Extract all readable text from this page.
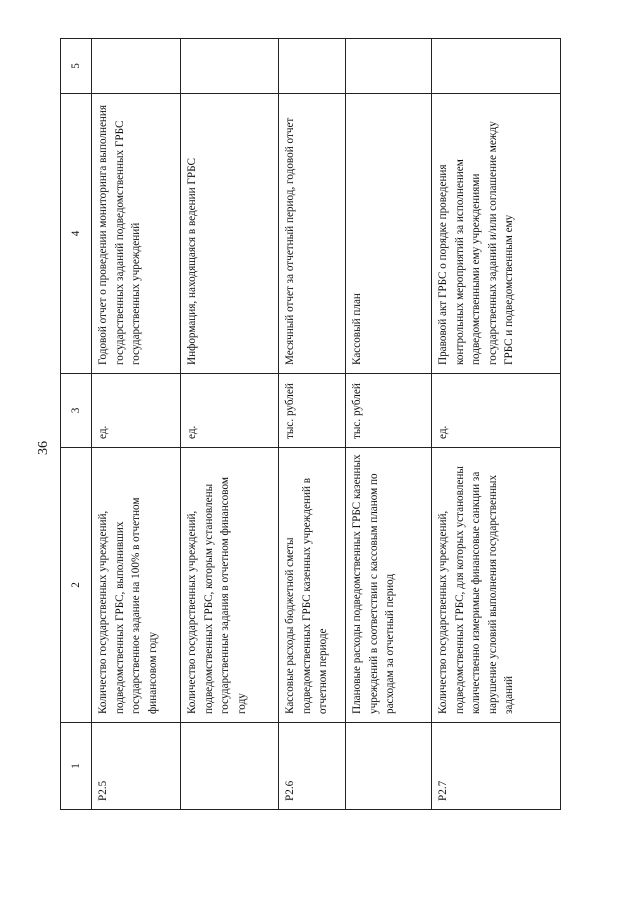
36
1	2	3	4	5
Р2.5	Количество государственных учреждений, подведомственных ГРБС, выполнивших государственное задание на 100% в отчетном финансовом году	ед.	Годовой отчет о проведении мониторинга выполнения государственных заданий подведомственных ГРБС государственных учреждений	
	Количество государственных учреждений, подведомственных ГРБС, которым установлены государственные задания в отчетном финансовом году	ед.	Информация, находящаяся в ведении ГРБС	
Р2.6	Кассовые расходы бюджетной сметы подведомственных ГРБС казенных учреждений в отчетном периоде	тыс. рублей	Месячный отчет за отчетный период, годовой отчет	
	Плановые расходы подведомственных ГРБС казенных учреждений в соответствии с кассовым планом по расходам за отчетный период	тыс. рублей	Кассовый план	
Р2.7	Количество государственных учреждений, подведомственных ГРБС, для которых установлены количественно измеримые финансовые санкции за нарушение условий выполнения государственных заданий	ед.	Правовой акт ГРБС о порядке проведения контрольных мероприятий за исполнением подведомственными ему учреждениями государственных заданий и/или соглашение между ГРБС и подведомственным ему	
